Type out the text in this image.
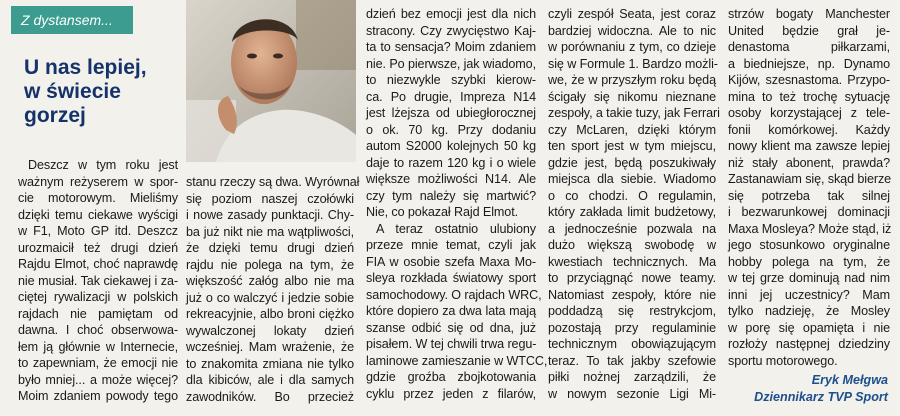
Z dystansem...
U nas lepiej,
w świecie
gorzej
Deszcz w tym roku jest
ważnym reżyserem w spor-
cie motorowym. Mieliśmy
dzięki temu ciekawe wyścigi
w F1, Moto GP itd. Deszcz
urozmaicił też drugi dzień
Rajdu Elmot, choć naprawdę
nie musiał. Tak ciekawej i za-
ciętej rywalizacji w polskich
rajdach nie pamiętam od
dawna. I choć obserwowa-
łem ją głównie w Internecie,
to zapewniam, że emocji nie
było mniej... a może więcej?
Moim zdaniem powody tego
stanu rzeczy są dwa. Wyrównał
się poziom naszej czołówki
i nowe zasady punktacji. Chy-
ba już nikt nie ma wątpliwości,
że dzięki temu drugi dzień
rajdu nie polega na tym, że
większość załóg albo nie ma
już o co walczyć i jedzie sobie
rekreacyjnie, albo broni ciężko
wywalczonej lokaty dzień
wcześniej. Mam wrażenie, że
to znakomita zmiana nie tylko
dla kibiców, ale i dla samych
zawodników. Bo przecież
dzień bez emocji jest dla nich
stracony. Czy zwycięstwo Kaj-
ta to sensacja? Moim zdaniem
nie. Po pierwsze, jak wiadomo,
to niezwykle szybki kierow-
ca. Po drugie, Impreza N14
jest lżejsza od ubiegłorocznej
o ok. 70 kg. Przy dodaniu
autom S2000 kolejnych 50 kg
daje to razem 120 kg i o wiele
większe możliwości N14. Ale
czy tym należy się martwić?
Nie, co pokazał Rajd Elmot.
A teraz ostatnio ulubiony
przeze mnie temat, czyli jak
FIA w osobie szefa Maxa Mo-
sleya rozkłada światowy sport
samochodowy. O rajdach WRC,
które dopiero za dwa lata mają
szanse odbić się od dna, już
pisałem. W tej chwili trwa regu-
laminowe zamieszanie w WTCC,
gdzie groźba zbojkotowania
cyklu przez jeden z filarów,
czyli zespół Seata, jest coraz
bardziej widoczna. Ale to nic
w porównaniu z tym, co dzieje
się w Formule 1. Bardzo możli-
we, że w przyszłym roku będą
ścigały się nikomu nieznane
zespoły, a takie tuzy, jak Ferrari
czy McLaren, dzięki którym
ten sport jest w tym miejscu,
gdzie jest, będą poszukiwały
miejsca dla siebie. Wiadomo
o co chodzi. O regulamin,
który zakłada limit budżetowy,
a jednocześnie pozwala na
dużo większą swobodę w
kwestiach technicznych. Ma
to przyciągnąć nowe teamy.
Natomiast zespoły, które nie
poddadzą się restrykcjom,
pozostają przy regulaminie
technicznym obowiązującym
teraz. To tak jakby szefowie
piłki nożnej zarządzili, że
w nowym sezonie Ligi Mi-
strzów bogaty Manchester
United będzie grał je-
denastoma piłkarzami,
a biedniejsze, np. Dynamo
Kijów, szesnastoma. Przypo-
mina to też trochę sytuację
osoby korzystającej z tele-
fonii komórkowej. Każdy
nowy klient ma zawsze lepiej
niż stały abonent, prawda?
Zastanawiam się, skąd bierze
się potrzeba tak silnej
i bezwarunkowej dominacji
Maxa Mosleya? Może stąd, iż
jego stosunkowo oryginalne
hobby polega na tym, że
w tej grze dominują nad nim
inni jej uczestnicy? Mam
tylko nadzieję, że Mosley
w porę się opamięta i nie
rozłoży następnej dziedziny
sportu motorowego.
Eryk Mełgwa
Dziennikarz TVP Sport
